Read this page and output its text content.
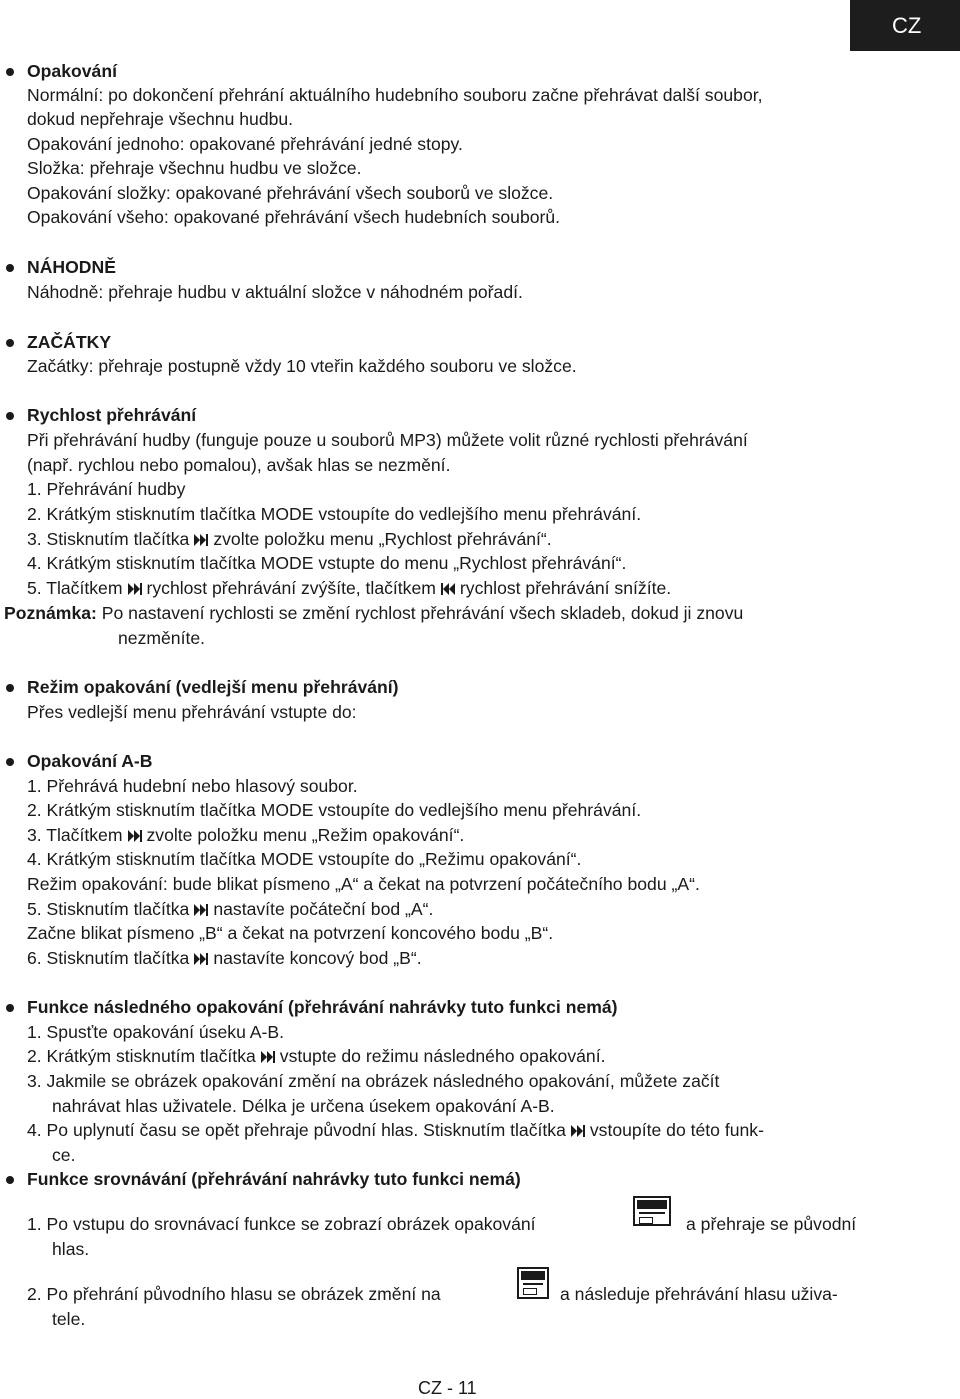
CZ
Opakování
Normální: po dokončení přehrání aktuálního hudebního souboru začne přehrávat další soubor,
dokud nepřehraje všechnu hudbu.
Opakování jednoho: opakované přehrávání jedné stopy.
Složka: přehraje všechnu hudbu ve složce.
Opakování složky: opakované přehrávání všech souborů ve složce.
Opakování všeho: opakované přehrávání všech hudebních souborů.
NÁHODNĚ
Náhodně: přehraje hudbu v aktuální složce v náhodném pořadí.
ZAČÁTKY
Začátky: přehraje postupně vždy 10 vteřin každého souboru ve složce.
Rychlost přehrávání
Při přehrávání hudby (funguje pouze u souborů MP3) můžete volit různé rychlosti přehrávání
(např. rychlou nebo pomalou), avšak hlas se nezmění.
1. Přehrávání hudby
2. Krátkým stisknutím tlačítka MODE vstoupíte do vedlejšího menu přehrávání.
3. Stisknutím tlačítka zvolte položku menu „Rychlost přehrávání“.
4. Krátkým stisknutím tlačítka MODE vstupte do menu „Rychlost přehrávání“.
5. Tlačítkem rychlost přehrávání zvýšíte, tlačítkem rychlost přehrávání snížíte.
Poznámka: Po nastavení rychlosti se změní rychlost přehrávání všech skladeb, dokud ji znovu
nezměníte.
Režim opakování (vedlejší menu přehrávání)
Přes vedlejší menu přehrávání vstupte do:
Opakování A-B
1. Přehrává hudební nebo hlasový soubor.
2. Krátkým stisknutím tlačítka MODE vstoupíte do vedlejšího menu přehrávání.
3. Tlačítkem zvolte položku menu „Režim opakování“.
4. Krátkým stisknutím tlačítka MODE vstoupíte do „Režimu opakování“.
Režim opakování: bude blikat písmeno „A“ a čekat na potvrzení počátečního bodu „A“.
5. Stisknutím tlačítka nastavíte počáteční bod „A“.
Začne blikat písmeno „B“ a čekat na potvrzení koncového bodu „B“.
6. Stisknutím tlačítka nastavíte koncový bod „B“.
Funkce následného opakování (přehrávání nahrávky tuto funkci nemá)
1. Spusťte opakování úseku A-B.
2. Krátkým stisknutím tlačítka vstupte do režimu následného opakování.
3. Jakmile se obrázek opakování změní na obrázek následného opakování, můžete začít
nahrávat hlas uživatele. Délka je určena úsekem opakování A-B.
4. Po uplynutí času se opět přehraje původní hlas. Stisknutím tlačítka vstoupíte do této funk-
ce.
Funkce srovnávání (přehrávání nahrávky tuto funkci nemá)
1. Po vstupu do srovnávací funkce se zobrazí obrázek opakování	a přehraje se původní
hlas.
2. Po přehrání původního hlasu se obrázek změní na	a následuje přehrávání hlasu uživa-
tele.
CZ - 11
